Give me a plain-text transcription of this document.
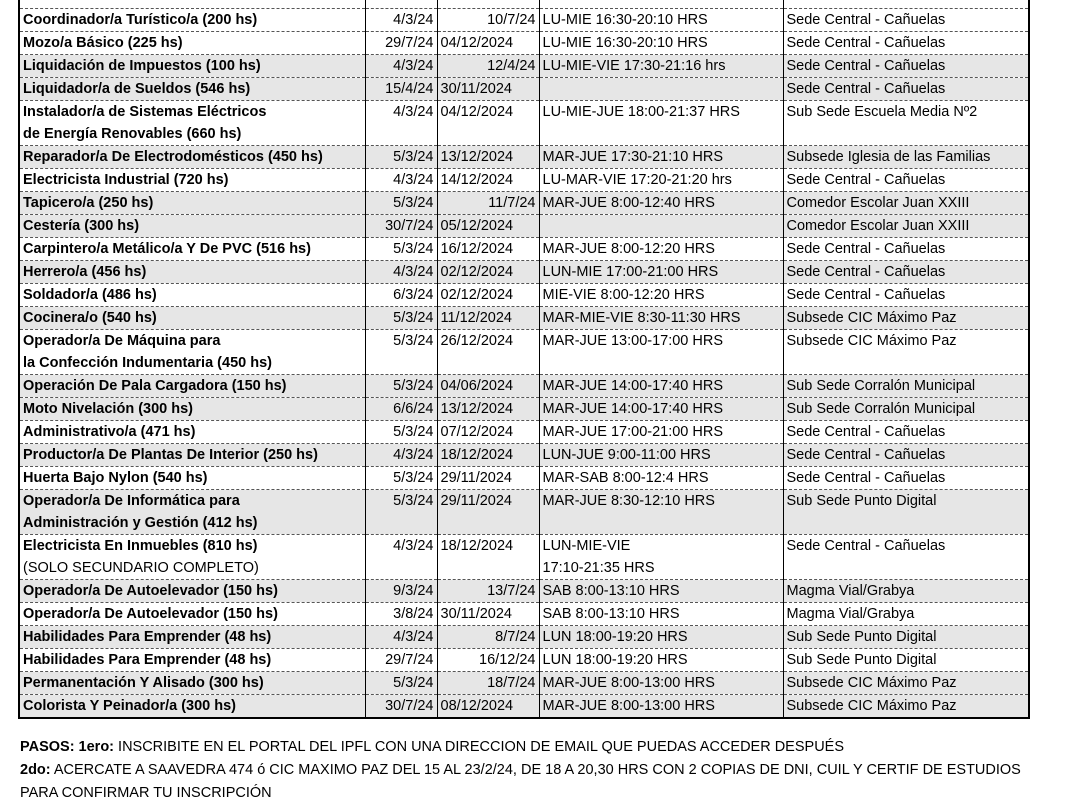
Coordinador/a Turístico/a (200 hs)	4/3/24	10/7/24	LU-MIE 16:30-20:10 HRS	Sede Central - Cañuelas
Mozo/a Básico (225 hs)	29/7/24	04/12/2024	LU-MIE 16:30-20:10 HRS	Sede Central - Cañuelas
Liquidación de Impuestos (100 hs)	4/3/24	12/4/24	LU-MIE-VIE 17:30-21:16 hrs	Sede Central - Cañuelas
Liquidador/a de Sueldos (546 hs)	15/4/24	30/11/2024		Sede Central - Cañuelas
Instalador/a de Sistemas Eléctricos
de Energía Renovables (660 hs)	4/3/24	04/12/2024	LU-MIE-JUE 18:00-21:37 HRS	Sub Sede Escuela Media Nº2
Reparador/a De Electrodomésticos (450 hs)	5/3/24	13/12/2024	MAR-JUE 17:30-21:10 HRS	Subsede Iglesia de las Familias
Electricista Industrial (720 hs)	4/3/24	14/12/2024	LU-MAR-VIE 17:20-21:20 hrs	Sede Central - Cañuelas
Tapicero/a (250 hs)	5/3/24	11/7/24	MAR-JUE 8:00-12:40 HRS	Comedor Escolar Juan XXIII
Cestería (300 hs)	30/7/24	05/12/2024		Comedor Escolar Juan XXIII
Carpintero/a Metálico/a Y De PVC (516 hs)	5/3/24	16/12/2024	MAR-JUE 8:00-12:20 HRS	Sede Central - Cañuelas
Herrero/a (456 hs)	4/3/24	02/12/2024	LUN-MIE 17:00-21:00 HRS	Sede Central - Cañuelas
Soldador/a (486 hs)	6/3/24	02/12/2024	MIE-VIE 8:00-12:20 HRS	Sede Central - Cañuelas
Cocinera/o (540 hs)	5/3/24	11/12/2024	MAR-MIE-VIE 8:30-11:30 HRS	Subsede CIC Máximo Paz
Operador/a De Máquina para
la Confección Indumentaria (450 hs)	5/3/24	26/12/2024	MAR-JUE 13:00-17:00 HRS	Subsede CIC Máximo Paz
Operación De Pala Cargadora (150 hs)	5/3/24	04/06/2024	MAR-JUE 14:00-17:40 HRS	Sub Sede Corralón Municipal
Moto Nivelación (300 hs)	6/6/24	13/12/2024	MAR-JUE 14:00-17:40 HRS	Sub Sede Corralón Municipal
Administrativo/a (471 hs)	5/3/24	07/12/2024	MAR-JUE 17:00-21:00 HRS	Sede Central - Cañuelas
Productor/a De Plantas De Interior (250 hs)	4/3/24	18/12/2024	LUN-JUE 9:00-11:00 HRS	Sede Central - Cañuelas
Huerta Bajo Nylon (540 hs)	5/3/24	29/11/2024	MAR-SAB 8:00-12:4 HRS	Sede Central - Cañuelas
Operador/a De Informática para
Administración y Gestión (412 hs)	5/3/24	29/11/2024	MAR-JUE 8:30-12:10 HRS	Sub Sede Punto Digital
Electricista En Inmuebles (810 hs)
(SOLO SECUNDARIO COMPLETO)	4/3/24	18/12/2024	LUN-MIE-VIE
17:10-21:35 HRS	Sede Central - Cañuelas
Operador/a De Autoelevador (150 hs)	9/3/24	13/7/24	SAB 8:00-13:10 HRS	Magma Vial/Grabya
Operador/a De Autoelevador (150 hs)	3/8/24	30/11/2024	SAB 8:00-13:10 HRS	Magma Vial/Grabya
Habilidades Para Emprender (48 hs)	4/3/24	8/7/24	LUN 18:00-19:20 HRS	Sub Sede Punto Digital
Habilidades Para Emprender (48 hs)	29/7/24	16/12/24	LUN 18:00-19:20 HRS	Sub Sede Punto Digital
Permanentación Y Alisado (300 hs)	5/3/24	18/7/24	MAR-JUE 8:00-13:00 HRS	Subsede CIC Máximo Paz
Colorista Y Peinador/a (300 hs)	30/7/24	08/12/2024	MAR-JUE 8:00-13:00 HRS	Subsede CIC Máximo Paz
PASOS: 1ero: INSCRIBITE EN EL PORTAL DEL IPFL CON UNA DIRECCION DE EMAIL QUE PUEDAS ACCEDER DESPUÉS
2do: ACERCATE A SAAVEDRA 474 ó CIC MAXIMO PAZ DEL 15 AL 23/2/24, DE 18 A 20,30 HRS CON 2 COPIAS DE DNI, CUIL Y CERTIF DE ESTUDIOS
PARA CONFIRMAR TU INSCRIPCIÓN
